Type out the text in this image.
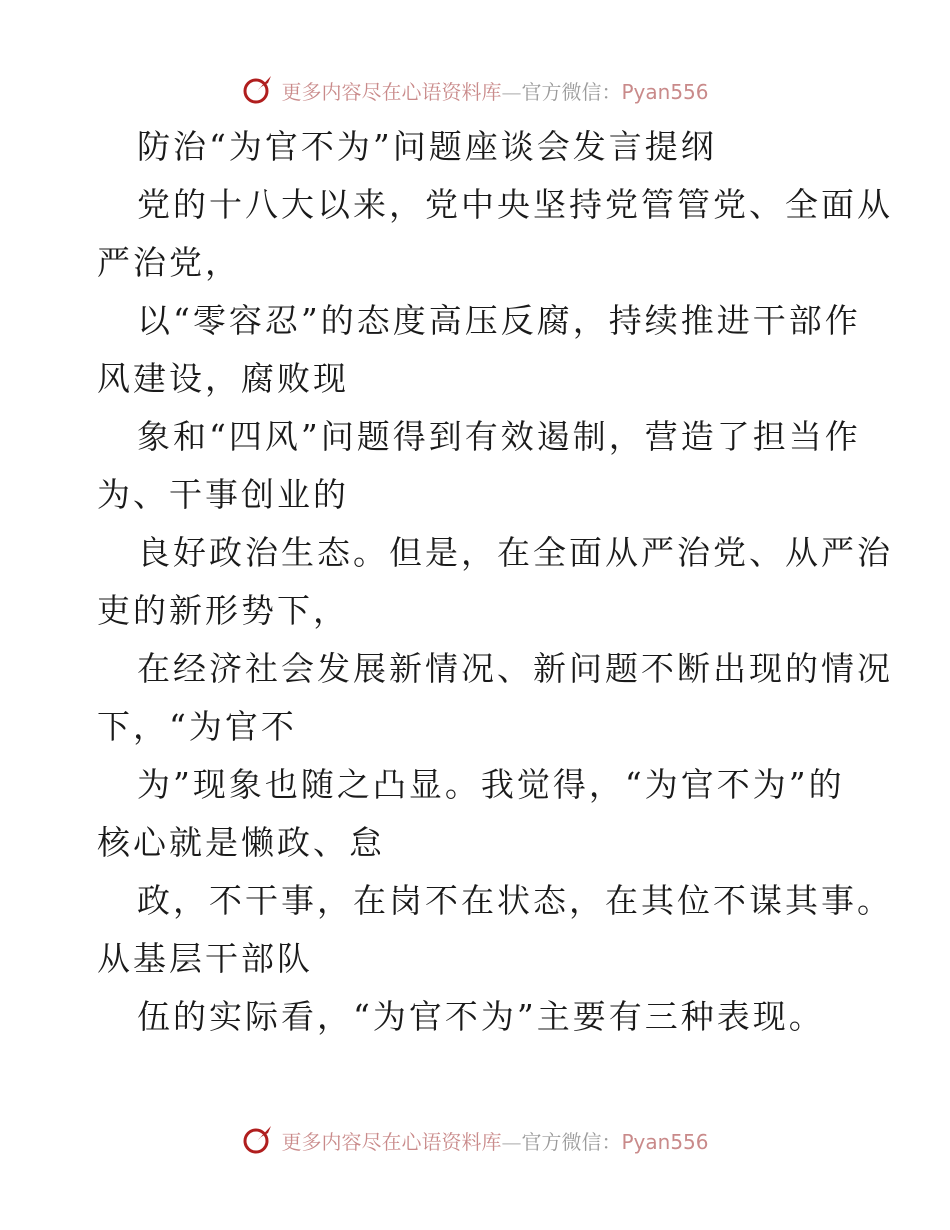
更多内容尽在心语资料库—官方微信：Pyan556
防治“为官不为”问题座谈会发言提纲
党的十八大以来，党中央坚持党管管党、全面从
严治党，
以“零容忍”的态度高压反腐，持续推进干部作
风建设，腐败现
象和“四风”问题得到有效遏制，营造了担当作
为、干事创业的
良好政治生态。但是，在全面从严治党、从严治
吏的新形势下，
在经济社会发展新情况、新问题不断出现的情况
下，“为官不
为”现象也随之凸显。我觉得，“为官不为”的
核心就是懒政、怠
政，不干事，在岗不在状态，在其位不谋其事。
从基层干部队
伍的实际看，“为官不为”主要有三种表现。
更多内容尽在心语资料库—官方微信：Pyan556
